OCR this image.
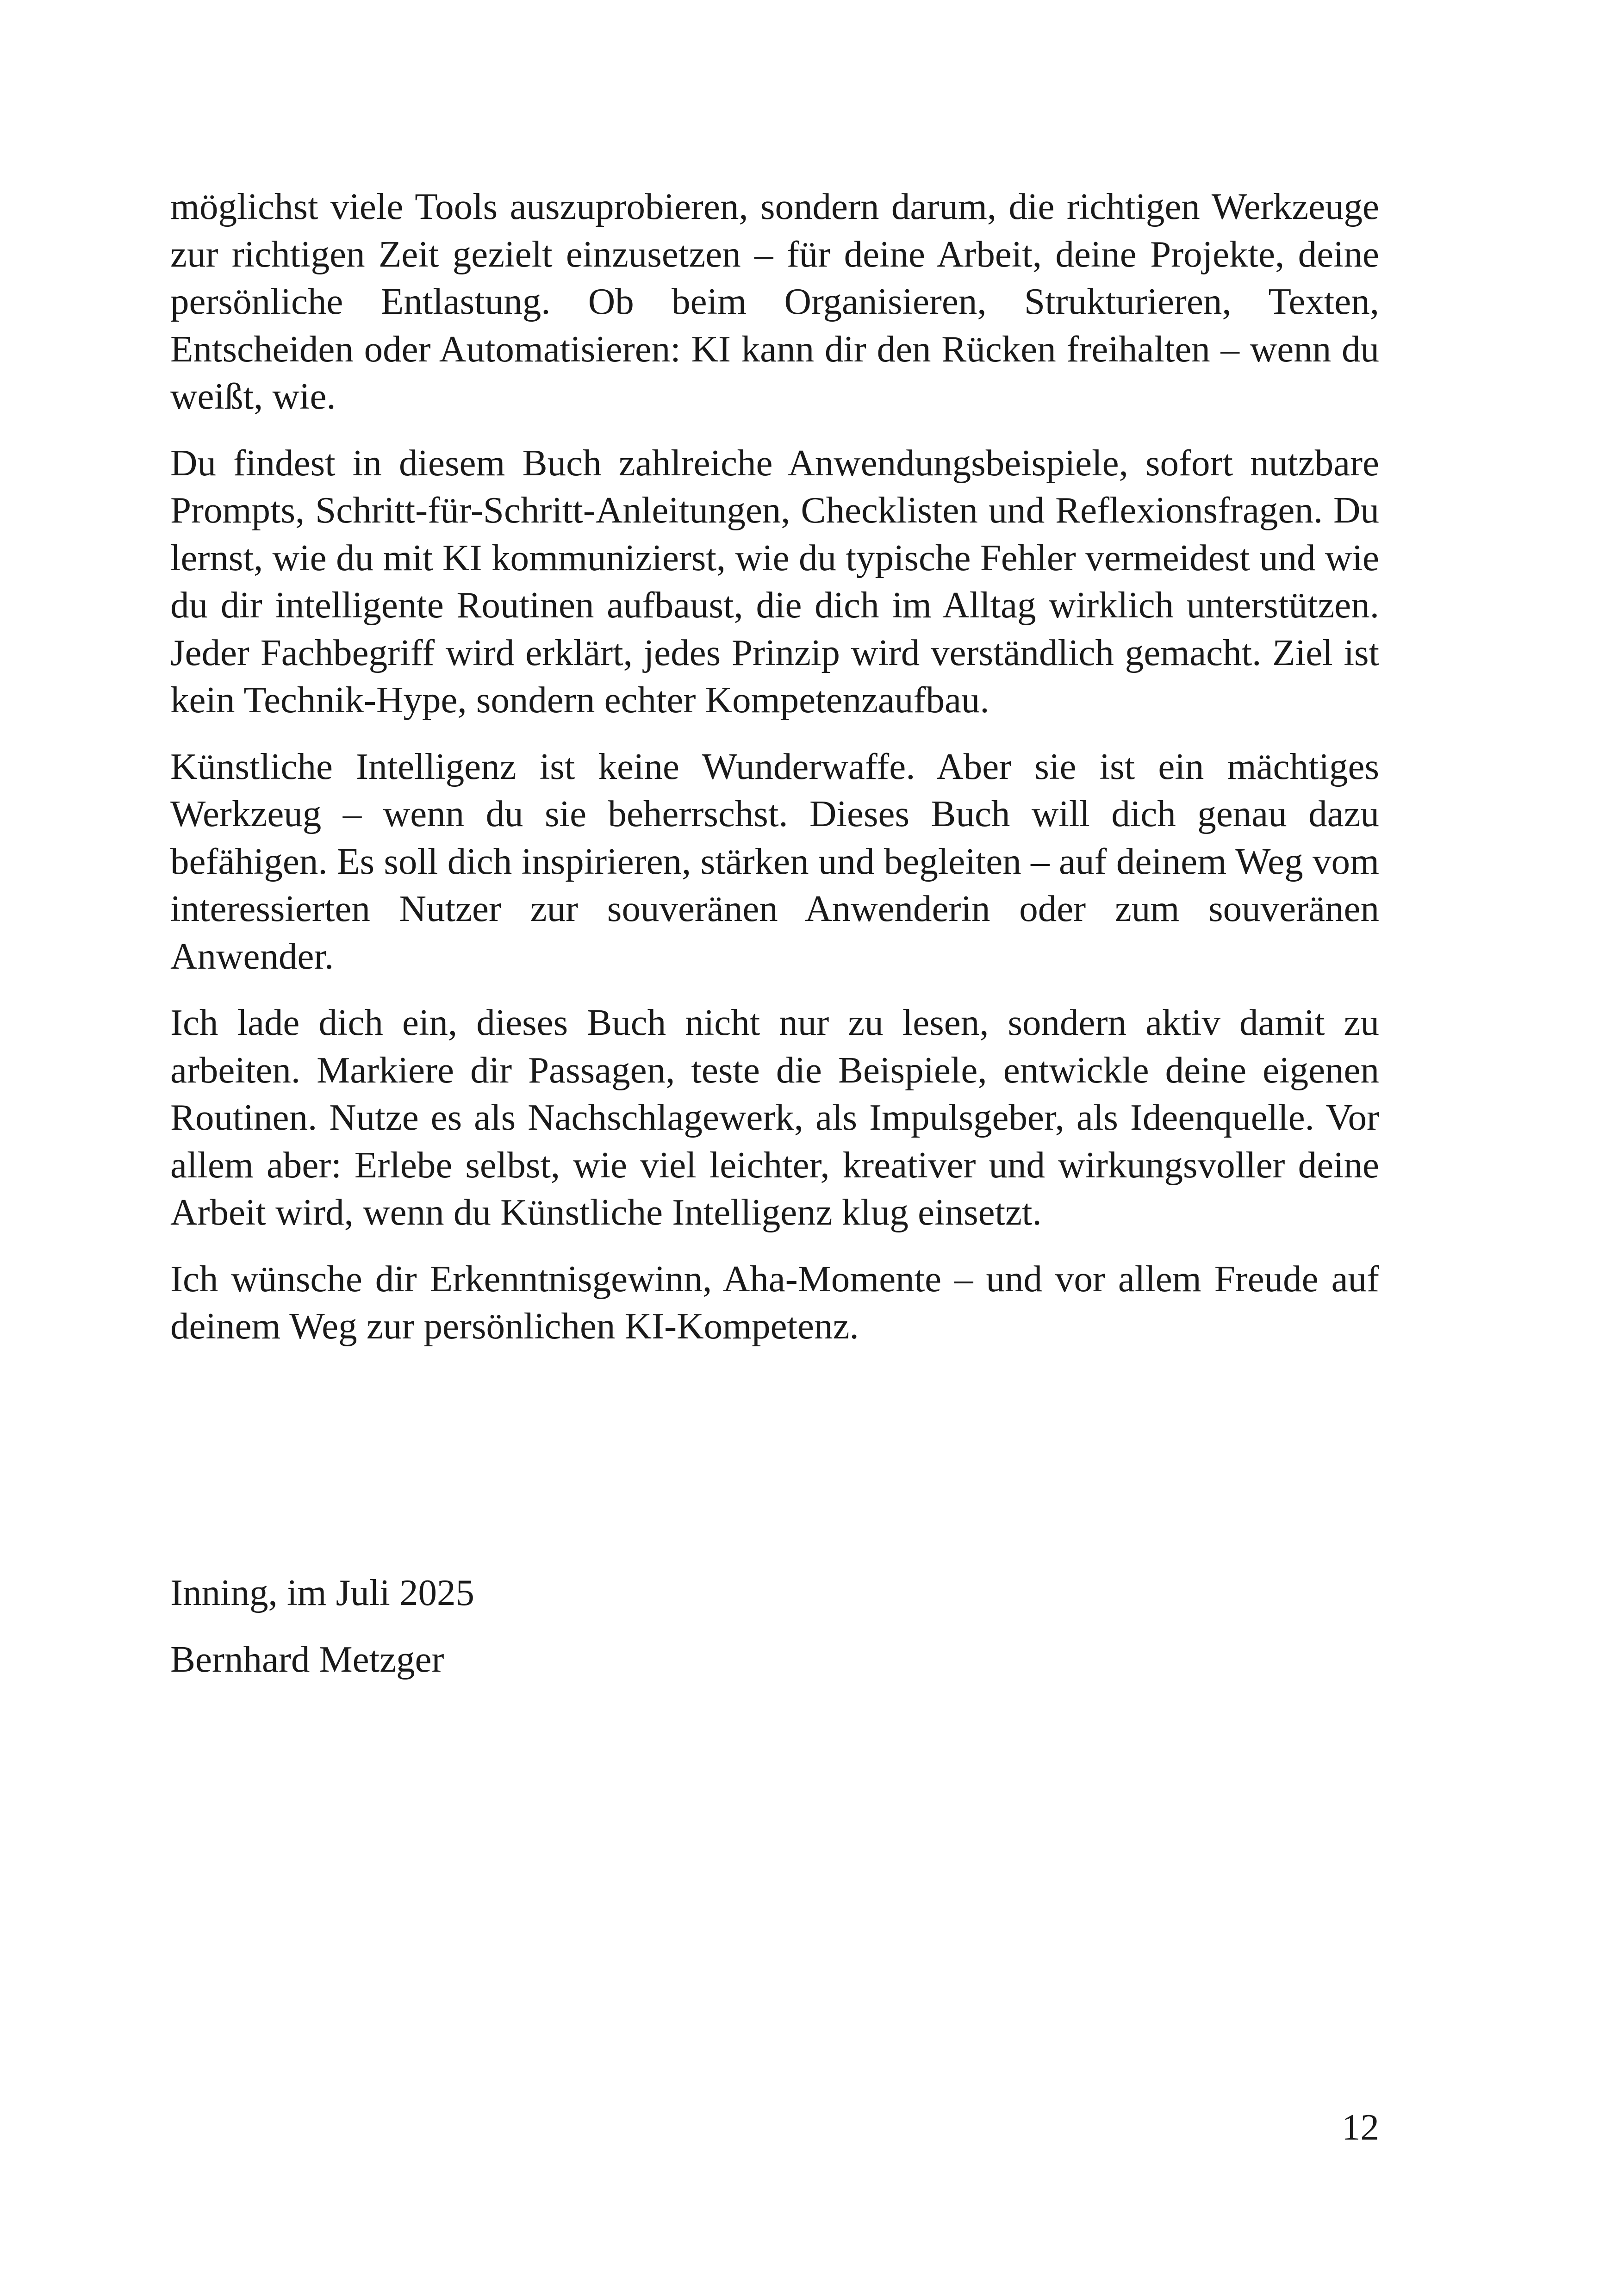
möglichst viele Tools auszuprobieren, sondern darum, die richtigen Werkzeuge zur richtigen Zeit gezielt einzusetzen – für deine Arbeit, deine Projekte, deine persönliche Entlastung. Ob beim Organisieren, Strukturieren, Texten, Entscheiden oder Automatisieren: KI kann dir den Rücken freihalten – wenn du weißt, wie.

Du findest in diesem Buch zahlreiche Anwendungsbeispiele, sofort nutzbare Prompts, Schritt-für-Schritt-Anleitungen, Checklisten und Reflexionsfragen. Du lernst, wie du mit KI kommunizierst, wie du typische Fehler vermeidest und wie du dir intelligente Routinen aufbaust, die dich im Alltag wirklich unterstützen. Jeder Fachbegriff wird erklärt, jedes Prinzip wird verständlich gemacht. Ziel ist kein Technik-Hype, sondern echter Kompetenzaufbau.

Künstliche Intelligenz ist keine Wunderwaffe. Aber sie ist ein mächtiges Werkzeug – wenn du sie beherrschst. Dieses Buch will dich genau dazu befähigen. Es soll dich inspirieren, stärken und begleiten – auf deinem Weg vom interessierten Nutzer zur souveränen Anwenderin oder zum souveränen Anwender.

Ich lade dich ein, dieses Buch nicht nur zu lesen, sondern aktiv damit zu arbeiten. Markiere dir Passagen, teste die Beispiele, entwickle deine eigenen Routinen. Nutze es als Nachschlagewerk, als Impulsgeber, als Ideenquelle. Vor allem aber: Erlebe selbst, wie viel leichter, kreativer und wirkungsvoller deine Arbeit wird, wenn du Künstliche Intelligenz klug einsetzt.

Ich wünsche dir Erkenntnisgewinn, Aha-Momente – und vor allem Freude auf deinem Weg zur persönlichen KI-Kompetenz.

Inning, im Juli 2025

Bernhard Metzger

12
